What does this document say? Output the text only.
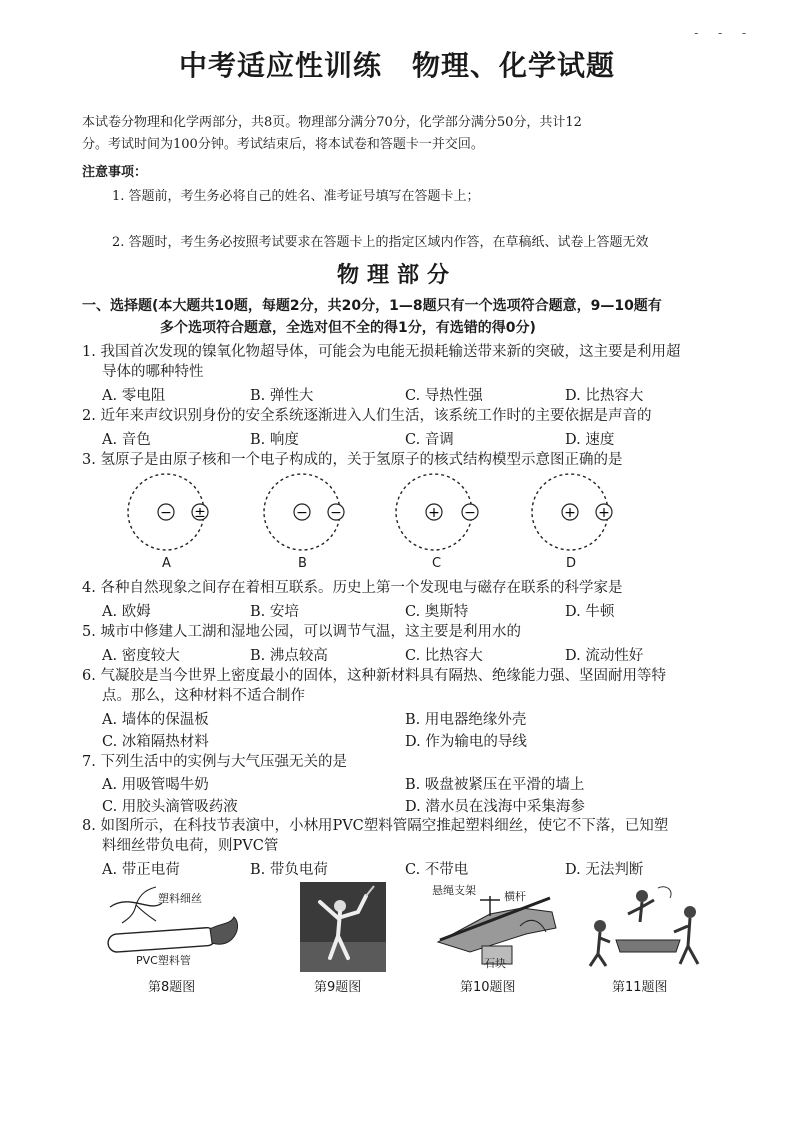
- - -
中考适应性训练 物理、化学试题
本试卷分物理和化学两部分，共8页。物理部分满分70分，化学部分满分50分，共计12
分。考试时间为100分钟。考试结束后，将本试卷和答题卡一并交回。
注意事项：
1. 答题前，考生务必将自己的姓名、准考证号填写在答题卡上；
2. 答题时，考生务必按照考试要求在答题卡上的指定区域内作答，在草稿纸、试卷上答题无效
物理部分
一、选择题(本大题共10题，每题2分，共20分，1—8题只有一个选项符合题意，9—10题有
多个选项符合题意，全选对但不全的得1分，有选错的得0分)
1. 我国首次发现的镍氧化物超导体，可能会为电能无损耗输送带来新的突破，这主要是利用超
导体的哪种特性
A. 零电阻	B. 弹性大	C. 导热性强	D. 比热容大
2. 近年来声纹识别身份的安全系统逐渐进入人们生活，该系统工作时的主要依据是声音的
A. 音色	B. 响度	C. 音调	D. 速度
3. 氢原子是由原子核和一个电子构成的，关于氢原子的核式结构模型示意图正确的是
− ±	− −	+ −	+ +
A	B	C	D
4. 各种自然现象之间存在着相互联系。历史上第一个发现电与磁存在联系的科学家是
A. 欧姆	B. 安培	C. 奥斯特	D. 牛顿
5. 城市中修建人工湖和湿地公园，可以调节气温，这主要是利用水的
A. 密度较大	B. 沸点较高	C. 比热容大	D. 流动性好
6. 气凝胶是当今世界上密度最小的固体，这种新材料具有隔热、绝缘能力强、坚固耐用等特
点。那么，这种材料不适合制作
A. 墙体的保温板	B. 用电器绝缘外壳
C. 冰箱隔热材料	D. 作为输电的导线
7. 下列生活中的实例与大气压强无关的是
A. 用吸管喝牛奶	B. 吸盘被紧压在平滑的墙上
C. 用胶头滴管吸药液	D. 潜水员在浅海中采集海参
8. 如图所示，在科技节表演中，小林用PVC塑料管隔空推起塑料细丝，使它不下落，已知塑
料细丝带负电荷，则PVC管
A. 带正电荷	B. 带负电荷	C. 不带电	D. 无法判断
塑料细丝
PVC塑料管
第8题图	第9题图
悬绳支架	横杆
石块
第10题图	第11题图
